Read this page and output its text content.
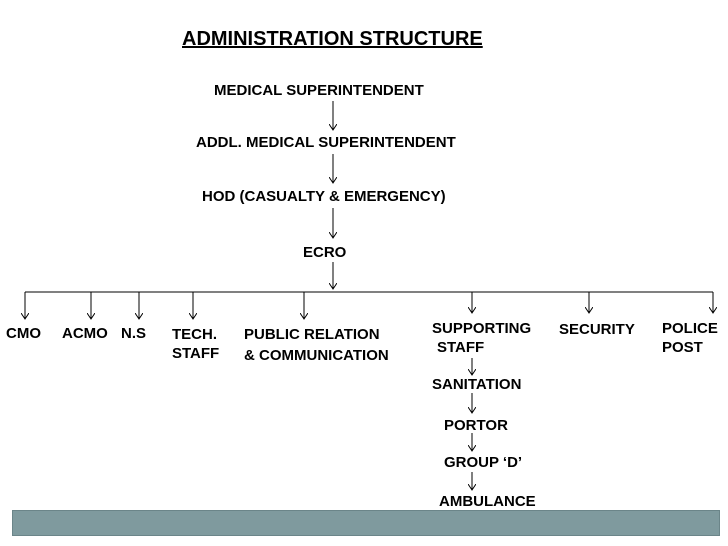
ADMINISTRATION STRUCTURE
MEDICAL SUPERINTENDENT
ADDL. MEDICAL SUPERINTENDENT
HOD (CASUALTY & EMERGENCY)
ECRO
CMO ACMO N.S TECH.
STAFF
PUBLIC RELATION
& COMMUNICATION
SUPPORTING
STAFF
SECURITY POLICE
POST
SANITATION
PORTOR
GROUP ‘D’
AMBULANCE
